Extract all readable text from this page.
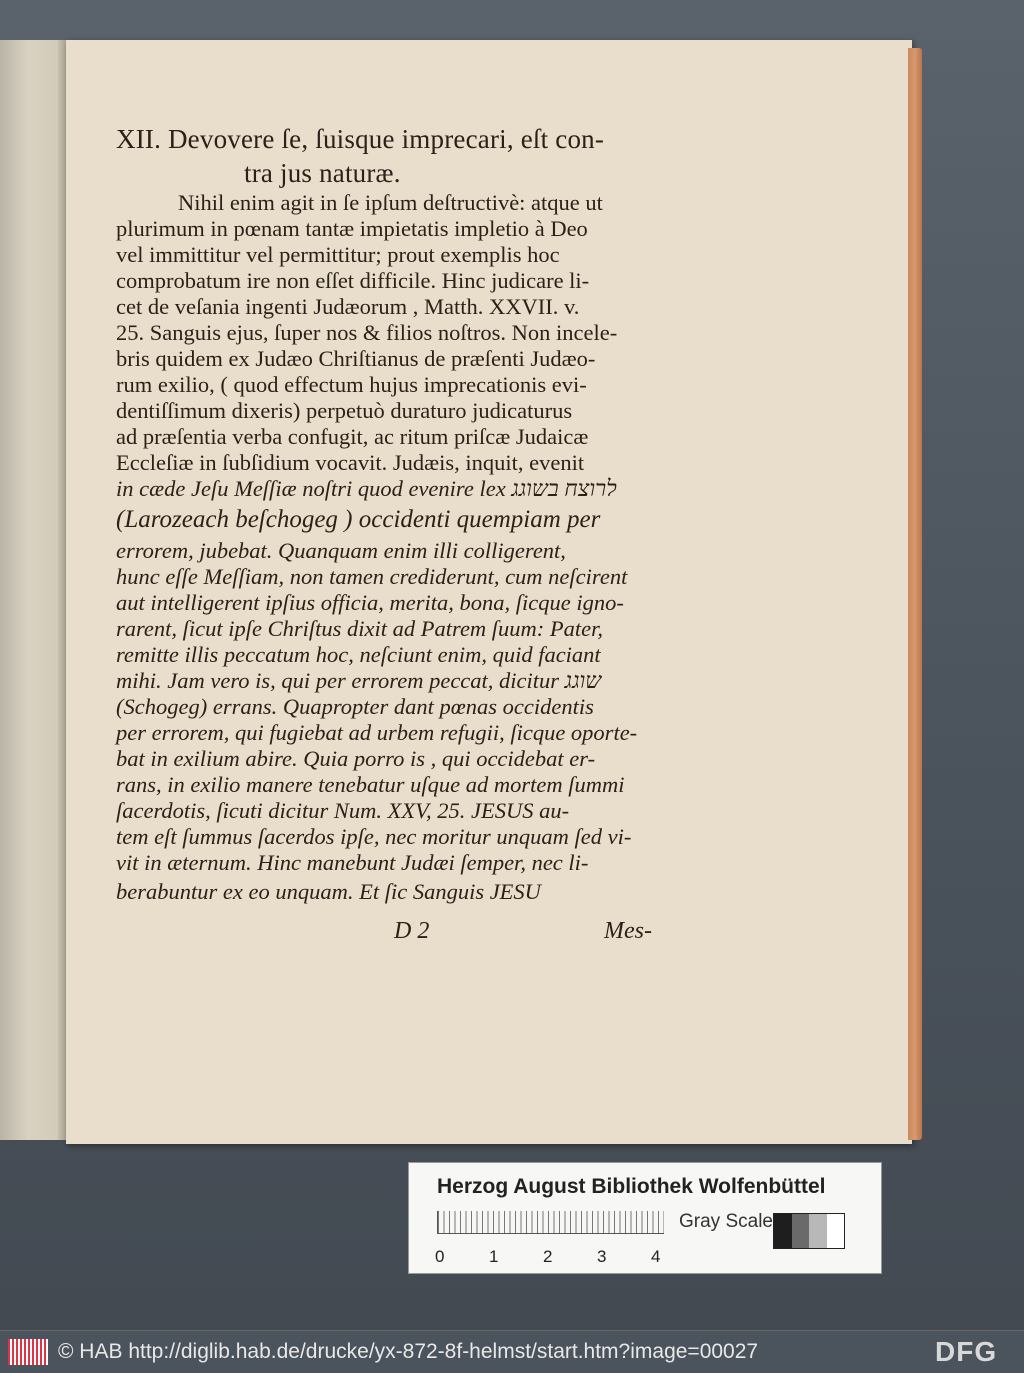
XII. Devovere ſe, ſuisque imprecari, eſt con-
tra jus naturæ.
Nihil enim agit in ſe ipſum deſtructivè: atque ut
plurimum in pœnam tantæ impietatis impletio à Deo
vel immittitur vel permittitur; prout exemplis hoc
comprobatum ire non eſſet difficile. Hinc judicare li-
cet de veſania ingenti Judæorum , Matth. XXVII. v.
25. Sanguis ejus, ſuper nos & filios noſtros. Non incele-
bris quidem ex Judæo Chriſtianus de præſenti Judæo-
rum exilio, ( quod effectum hujus imprecationis evi-
dentiſſimum dixeris) perpetuò duraturo judicaturus
ad præſentia verba confugit, ac ritum priſcæ Judaicæ
Eccleſiæ in ſubſidium vocavit. Judæis, inquit, evenit
in cæde Jeſu Meſſiæ noſtri quod evenire lex לרוצח בשוגג
(Larozeach beſchogeg ) occidenti quempiam per
errorem, jubebat. Quanquam enim illi colligerent,
hunc eſſe Meſſiam, non tamen crediderunt, cum neſcirent
aut intelligerent ipſius officia, merita, bona, ſicque igno-
rarent, ſicut ipſe Chriſtus dixit ad Patrem ſuum: Pater,
remitte illis peccatum hoc, neſciunt enim, quid faciant
mihi. Jam vero is, qui per errorem peccat, dicitur שוגג
(Schogeg) errans. Quapropter dant pœnas occidentis
per errorem, qui fugiebat ad urbem refugii, ſicque oporte-
bat in exilium abire. Quia porro is , qui occidebat er-
rans, in exilio manere tenebatur uſque ad mortem ſummi
ſacerdotis, ſicuti dicitur Num. XXV, 25. JESUS au-
tem eſt ſummus ſacerdos ipſe, nec moritur unquam ſed vi-
vit in æternum. Hinc manebunt Judæi ſemper, nec li-
berabuntur ex eo unquam. Et ſic Sanguis JESU
D 2	Mes-
Herzog August Bibliothek Wolfenbüttel
0	1	2	3	4
Gray Scale
© HAB http://diglib.hab.de/drucke/yx-872-8f-helmst/start.htm?image=00027	DFG
